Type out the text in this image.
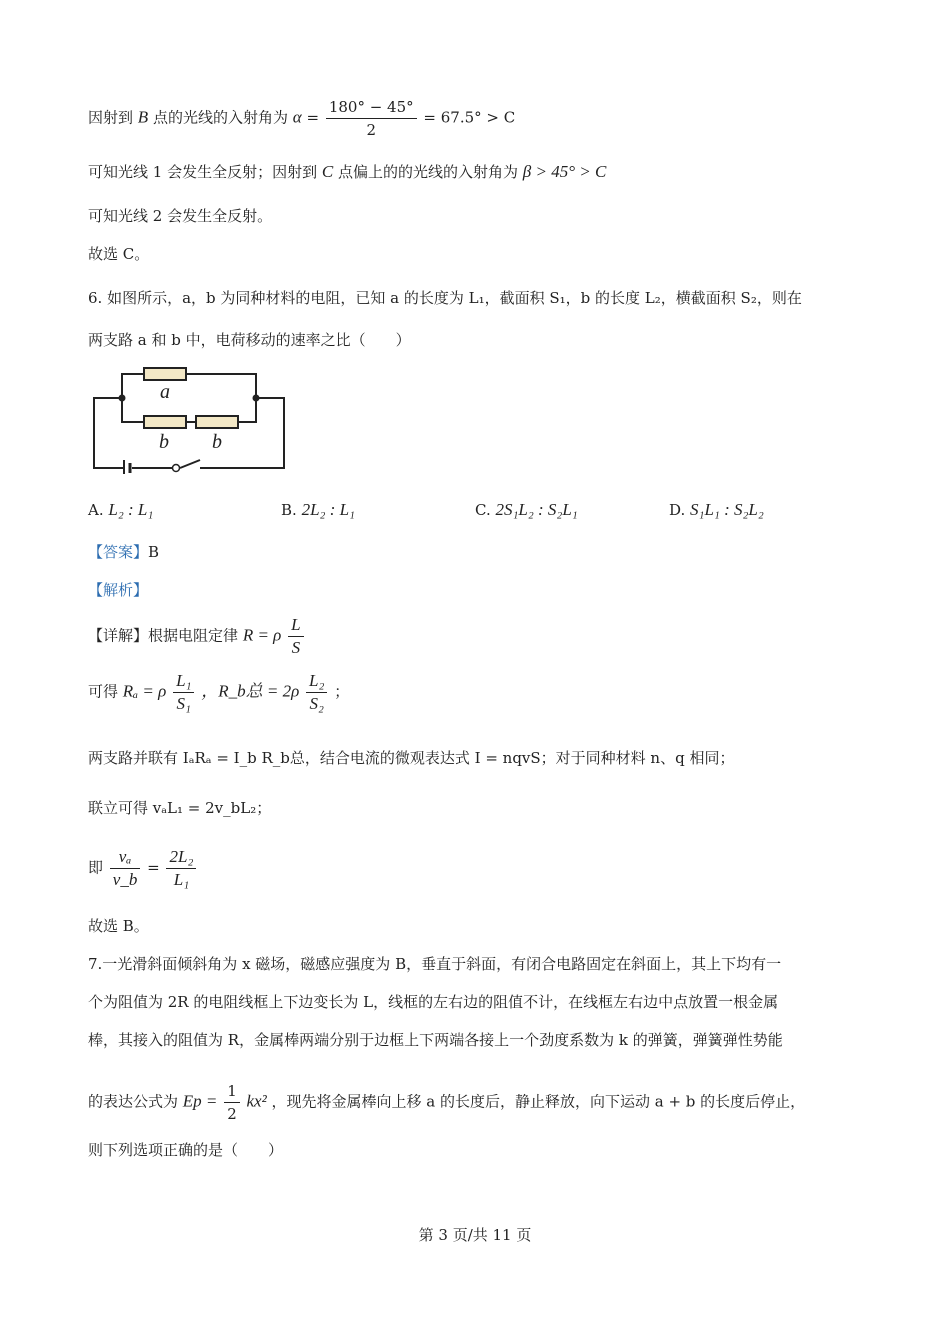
因射到 B 点的光线的入射角为 $\alpha = \frac{180^\circ - 45^\circ}{2} = 67.5^\circ > C$
可知光线 1 会发生全反射；因射到 C 点偏上的的光线的入射角为 β > 45° > C
可知光线 2 会发生全反射。
故选 C。
6. 如图所示，a，b 为同种材料的电阻，已知 a 的长度为 L₁，截面积 S₁，b 的长度 L₂，横截面积 S₂，则在
两支路 a 和 b 中，电荷移动的速率之比（　　）
a
b b
A. L₂ : L₁	B. 2L₂ : L₁	C. 2S₁L₂ : S₂L₁	D. S₁L₁ : S₂L₂
【答案】B
【解析】
【详解】根据电阻定律 R = ρ $\frac{L}{S}$
可得 Rₐ = ρ $\frac{\text{L₁}}{\text{S₁}}$ ，R_b总 = $2\rho \frac{\text{L₂}}{\text{S₂}}$ ；
两支路并联有 IₐRₐ = I_b R_b总，结合电流的微观表达式 I = nqvS；对于同种材料 n、q 相同；
联立可得 vₐL₁ = 2v_bL₂；
即 $\frac{\text{vₐ}}{v\_b} = \frac{\text{2L₂}}{\text{L₁}}$
故选 B。
7.一光滑斜面倾斜角为 x 磁场，磁感应强度为 B，垂直于斜面，有闭合电路固定在斜面上，其上下均有一
个为阻值为 2R 的电阻线框上下边变长为 L，线框的左右边的阻值不计，在线框左右边中点放置一根金属
棒，其接入的阻值为 R，金属棒两端分别于边框上下两端各接上一个劲度系数为 k 的弹簧，弹簧弹性势能
的表达公式为 $Ep = \frac{1}{2} kx^2$ ，现先将金属棒向上移 a 的长度后，静止释放，向下运动 a + b 的长度后停止，
则下列选项正确的是（　　）
第 3 页/共 11 页
